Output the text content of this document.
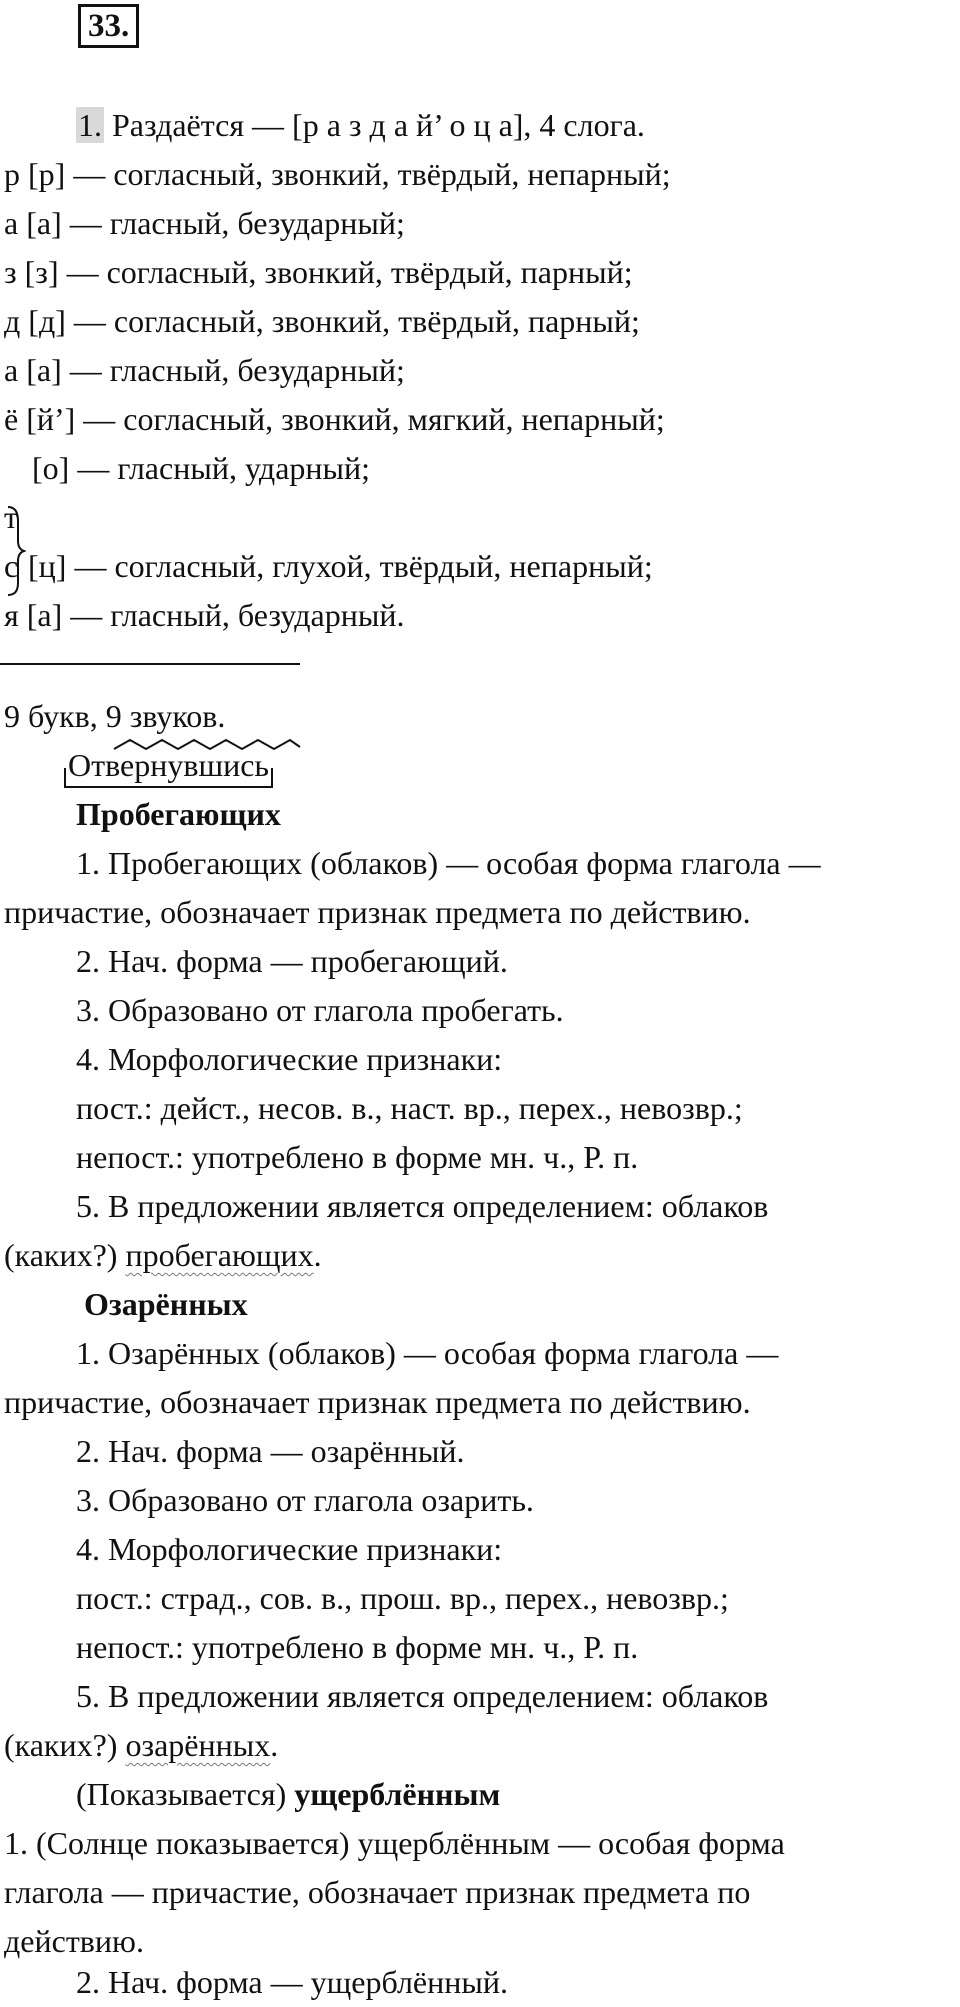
33.
1. Раздаётся — [р а з д а й’ о ц а], 4 слога.
р [р] — согласный, звонкий, твёрдый, непарный;
а [а] — гласный, безударный;
з [з] — согласный, звонкий, твёрдый, парный;
д [д] — согласный, звонкий, твёрдый, парный;
а [а] — гласный, безударный;
ё [й’] — согласный, звонкий, мягкий, непарный;
[о] — гласный, ударный;
т
с [ц] — согласный, глухой, твёрдый, непарный;
я [а] — гласный, безударный.
9 букв, 9 звуков.
Отвернувшись
Пробегающих
1. Пробегающих (облаков) — особая форма глагола —
причастие, обозначает признак предмета по действию.
2. Нач. форма — пробегающий.
3. Образовано от глагола пробегать.
4. Морфологические признаки:
пост.: дейст., несов. в., наст. вр., перех., невозвр.;
непост.: употреблено в форме мн. ч., Р. п.
5. В предложении является определением: облаков
(каких?) пробегающих.
Озарённых
1. Озарённых (облаков) — особая форма глагола —
причастие, обозначает признак предмета по действию.
2. Нач. форма — озарённый.
3. Образовано от глагола озарить.
4. Морфологические признаки:
пост.: страд., сов. в., прош. вр., перех., невозвр.;
непост.: употреблено в форме мн. ч., Р. п.
5. В предложении является определением: облаков
(каких?) озарённых.
(Показывается) ущерблённым
1. (Солнце показывается) ущерблённым — особая форма
глагола — причастие, обозначает признак предмета по
действию.
2. Нач. форма — ущерблённый.
